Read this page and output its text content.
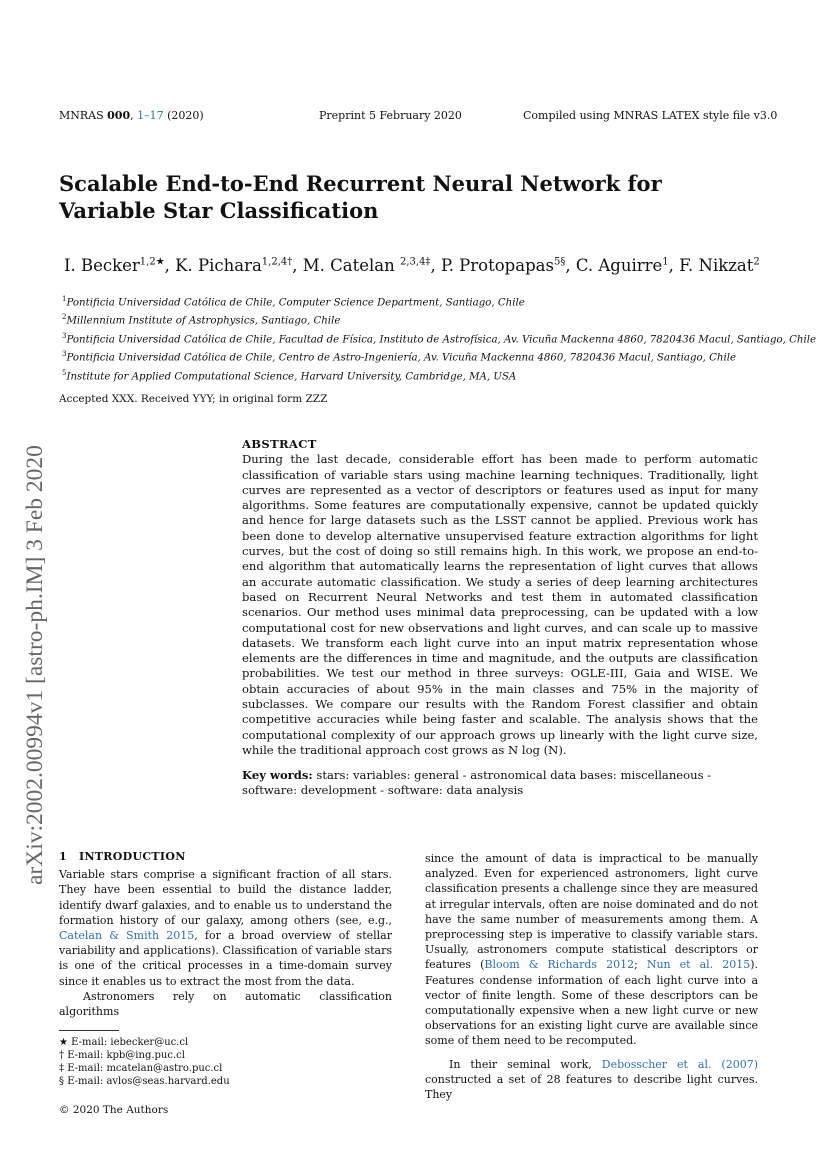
MNRAS 000, 1–17 (2020)	Preprint 5 February 2020	Compiled using MNRAS LATEX style file v3.0
Scalable End-to-End Recurrent Neural Network for Variable Star Classification
I. Becker$^{1,2★}$, K. Pichara$^{1,2,4\dagger}$, M. Catelan $^{2,3,4\ddagger}$, P. Protopapas$^{5\S}$, C. Aguirre$^1$, F. Nikzat$^2$
$^1$Pontificia Universidad Católica de Chile, Computer Science Department, Santiago, Chile
$^2$Millennium Institute of Astrophysics, Santiago, Chile
$^3$Pontificia Universidad Católica de Chile, Facultad de Física, Instituto de Astrofísica, Av. Vicuña Mackenna 4860, 7820436 Macul, Santiago, Chile
$^3$Pontificia Universidad Católica de Chile, Centro de Astro-Ingeniería, Av. Vicuña Mackenna 4860, 7820436 Macul, Santiago, Chile
$^5$Institute for Applied Computational Science, Harvard University, Cambridge, MA, USA
Accepted XXX. Received YYY; in original form ZZZ
arXiv:2002.00994v1 [astro-ph.IM] 3 Feb 2020
ABSTRACT

During the last decade, considerable effort has been made to perform automatic classification of variable stars using machine learning techniques. Traditionally, light curves are represented as a vector of descriptors or features used as input for many algorithms. Some features are computationally expensive, cannot be updated quickly and hence for large datasets such as the LSST cannot be applied. Previous work has been done to develop alternative unsupervised feature extraction algorithms for light curves, but the cost of doing so still remains high. In this work, we propose an end-to-end algorithm that automatically learns the representation of light curves that allows an accurate automatic classification. We study a series of deep learning architectures based on Recurrent Neural Networks and test them in automated classification scenarios. Our method uses minimal data preprocessing, can be updated with a low computational cost for new observations and light curves, and can scale up to massive datasets. We transform each light curve into an input matrix representation whose elements are the differences in time and magnitude, and the outputs are classification probabilities. We test our method in three surveys: OGLE-III, Gaia and WISE. We obtain accuracies of about 95% in the main classes and 75% in the majority of subclasses. We compare our results with the Random Forest classifier and obtain competitive accuracies while being faster and scalable. The analysis shows that the computational complexity of our approach grows up linearly with the light curve size, while the traditional approach cost grows as N log (N).

Key words: stars: variables: general - astronomical data bases: miscellaneous - software: development - software: data analysis
1 INTRODUCTION

Variable stars comprise a significant fraction of all stars. They have been essential to build the distance ladder, identify dwarf galaxies, and to enable us to understand the formation history of our galaxy, among others (see, e.g., Catelan & Smith 2015, for a broad overview of stellar variability and applications). Classification of variable stars is one of the critical processes in a time-domain survey since it enables us to extract the most from the data.

Astronomers rely on automatic classification algorithms

since the amount of data is impractical to be manually analyzed. Even for experienced astronomers, light curve classification presents a challenge since they are measured at irregular intervals, often are noise dominated and do not have the same number of measurements among them. A preprocessing step is imperative to classify variable stars. Usually, astronomers compute statistical descriptors or features (Bloom & Richards 2012; Nun et al. 2015). Features condense information of each light curve into a vector of finite length. Some of these descriptors can be computationally expensive when a new light curve or new observations for an existing light curve are available since some of them need to be recomputed.

In their seminal work, Debosscher et al. (2007) constructed a set of 28 features to describe light curves. They

★ E-mail: iebecker@uc.cl
† E-mail: kpb@ing.puc.cl
‡ E-mail: mcatelan@astro.puc.cl
§ E-mail: avlos@seas.harvard.edu
© 2020 The Authors
